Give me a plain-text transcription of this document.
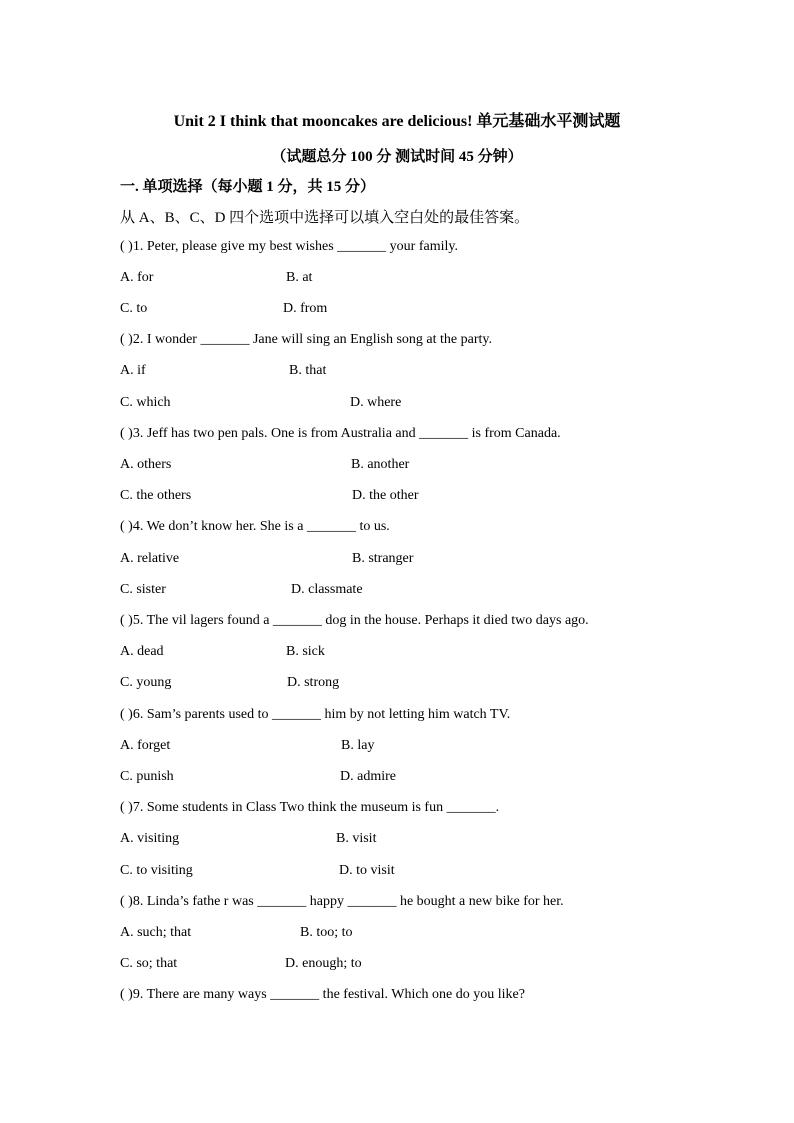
Unit 2 I think that mooncakes are delicious! 单元基础水平测试题
（试题总分 100 分 测试时间 45 分钟）
一. 单项选择（每小题 1 分，共 15 分）
从 A、B、C、D 四个选项中选择可以填入空白处的最佳答案。
( )1. Peter, please give my best wishes _______ your family.
A. for	B. at
C. to	D. from
( )2. I wonder _______ Jane will sing an English song at the party.
A. if	B. that
C. which	D. where
( )3. Jeff has two pen pals. One is from Australia and _______ is from Canada.
A. others	B. another
C. the others	D. the other
( )4. We don’t know her. She is a _______ to us.
A. relative	B. stranger
C. sister	D. classmate
( )5. The vil lagers found a _______ dog in the house. Perhaps it died two days ago.
A. dead	B. sick
C. young	D. strong
( )6. Sam’s parents used to _______ him by not letting him watch TV.
A. forget	B. lay
C. punish	D. admire
( )7. Some students in Class Two think the museum is fun _______.
A. visiting	B. visit
C. to visiting	D. to visit
( )8. Linda’s fathe r was _______ happy _______ he bought a new bike for her.
A. such; that	B. too; to
C. so; that	D. enough; to
( )9. There are many ways _______ the festival. Which one do you like?
